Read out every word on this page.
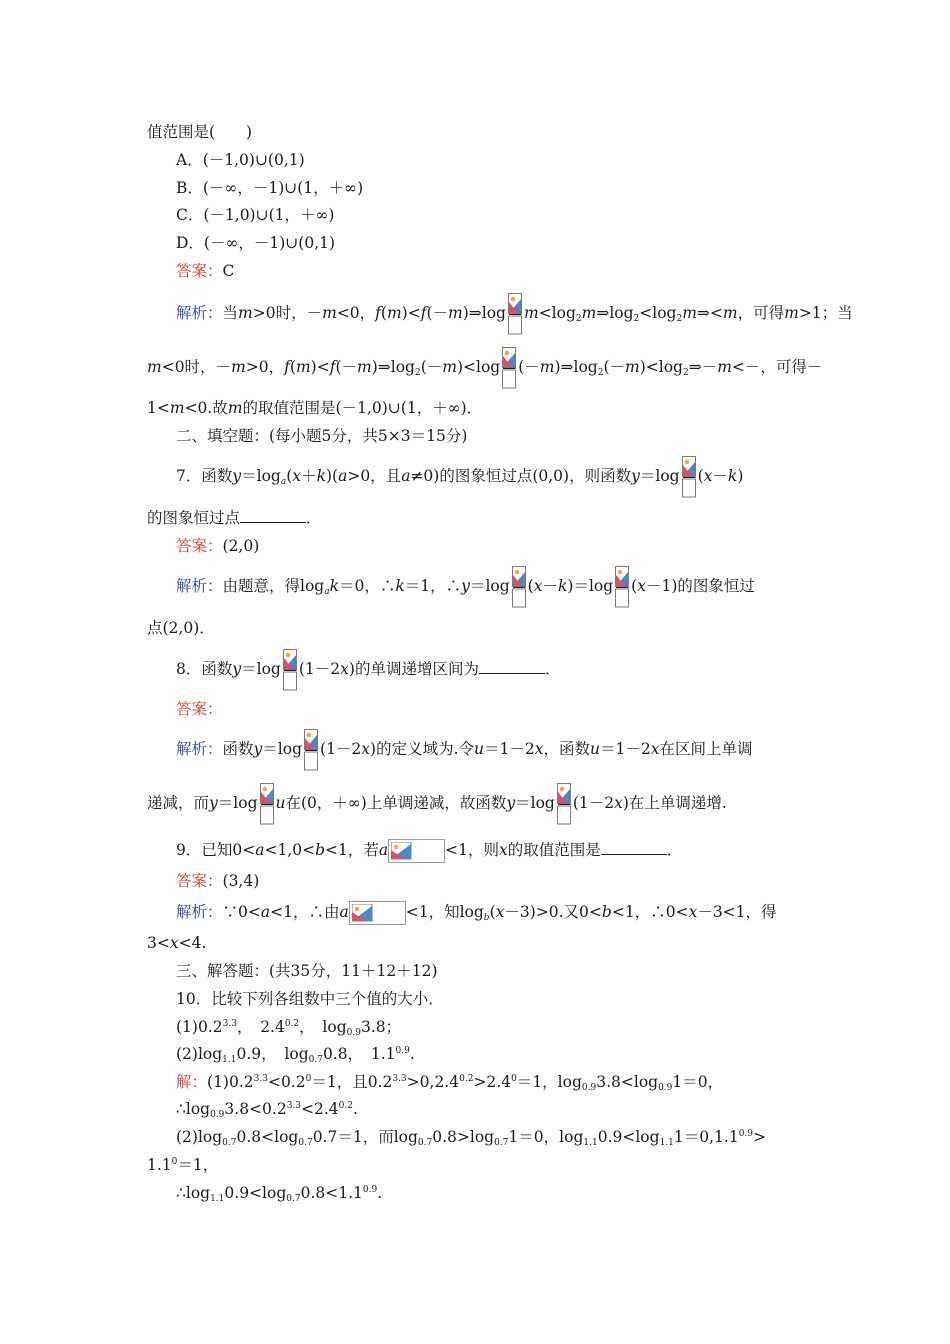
值范围是(　　)
A．(－1,0)∪(0,1)
B．(－∞，－1)∪(1，＋∞)
C．(－1,0)∪(1，＋∞)
D．(－∞，－1)∪(0,1)
答案：C
解析：当m>0时，－m<0，f(m)<f(－m)⇒log $m<\log_2m\Rightarrow\log_2<\log_2m\Rightarrow<m$，可得m>1；当
m<0时，－m>0，$f(m)<f(-m)\Rightarrow\log_2(-m)<\log$ $(-m)\Rightarrow\log_2(-m)<\log_2\Rightarrow-m<-$，可得－
1<m<0.故m的取值范围是(－1,0)∪(1，＋∞)．
二、填空题：(每小题5分，共5×3＝15分)
7．函数$y=\log_a(x+k)(a>0$，且a≠0)的图象恒过点(0,0)，则函数y＝log (x－k)
的图象恒过点	．
答案：(2,0)
解析：由题意，得$\log_ak=0$，∴k＝1，∴y＝log (x－k)＝log (x－1)的图象恒过
点(2,0)．
8．函数y＝log (1－2x)的单调递增区间为	．
答案：
解析：函数y＝log (1－2x)的定义域为.令u＝1－2x，函数u＝1－2x在区间上单调
递减，而y＝log u在(0，＋∞)上单调递减，故函数y＝log (1－2x)在上单调递增.
9．已知0<a<1,0<b<1，若a	<1，则x的取值范围是	．
答案：(3,4)
解析：∵0<a<1，∴由a	<1，知$\log_b(x-3)>0$.又0<b<1，∴0<x－3<1，得
3<x<4.
三、解答题：(共35分，11＋12＋12)
10．比较下列各组数中三个值的大小．
$(1)0.2^{3.3}$，　$2.4^{0.2}$，　$\log_{0.9}3.8$；
$(2)\log_{1.1}0.9$，　$\log_{0.7}0.8$，　$1.1^{0.9}$.
解：$(1)0.2^{3.3}<0.2^0=1$，且$0.2^{3.3}>0,2.4^{0.2}>2.4^0=1$，$\log_{0.9}3.8<\log_{0.9}1=0$，
$\therefore\log_{0.9}3.8<0.2^{3.3}<2.4^{0.2}$.
$(2)\log_{0.7}0.8<\log_{0.7}0.7=1$，而$\log_{0.7}0.8>\log_{0.7}1=0$，$\log_{1.1}0.9<\log_{1.1}1=0,1.1^{0.9}>$
$1.1^0=1$，
$\therefore\log_{1.1}0.9<\log_{0.7}0.8<1.1^{0.9}$.
